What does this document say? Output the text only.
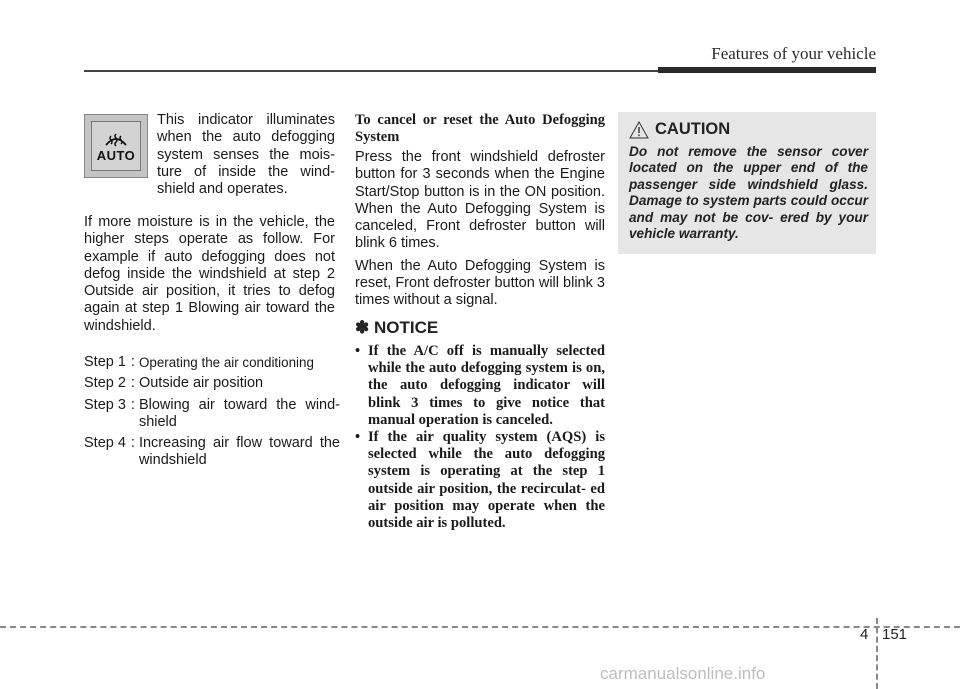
Features of your vehicle
AUTO
This indicator illuminates when the auto defogging system senses the mois- ture of inside the wind- shield and operates.
If more moisture is in the vehicle, the higher steps operate as follow. For example if auto defogging does not defog inside the windshield at step 2 Outside air position, it tries to defog again at step 1 Blowing air toward the windshield.
Step 1 : Operating the air conditioning
Step 2 : Outside air position
Step 3 : Blowing air toward the wind- shield
Step 4 : Increasing air flow toward the windshield
To cancel or reset the Auto Defogging System

Press the front windshield defroster button for 3 seconds when the Engine Start/Stop button is in the ON position. When the Auto Defogging System is canceled, Front defroster button will blink 6 times.

When the Auto Defogging System is reset, Front defroster button will blink 3 times without a signal.

✽ NOTICE
• If the A/C off is manually selected while the auto defogging system is on, the auto defogging indicator will blink 3 times to give notice that manual operation is canceled.
• If the air quality system (AQS) is selected while the auto defogging system is operating at the step 1 outside air position, the recirculat- ed air position may operate when the outside air is polluted.
CAUTION
Do not remove the sensor cover located on the upper end of the passenger side windshield glass. Damage to system parts could occur and may not be cov- ered by your vehicle warranty.
4 151
carmanualsonline.info
